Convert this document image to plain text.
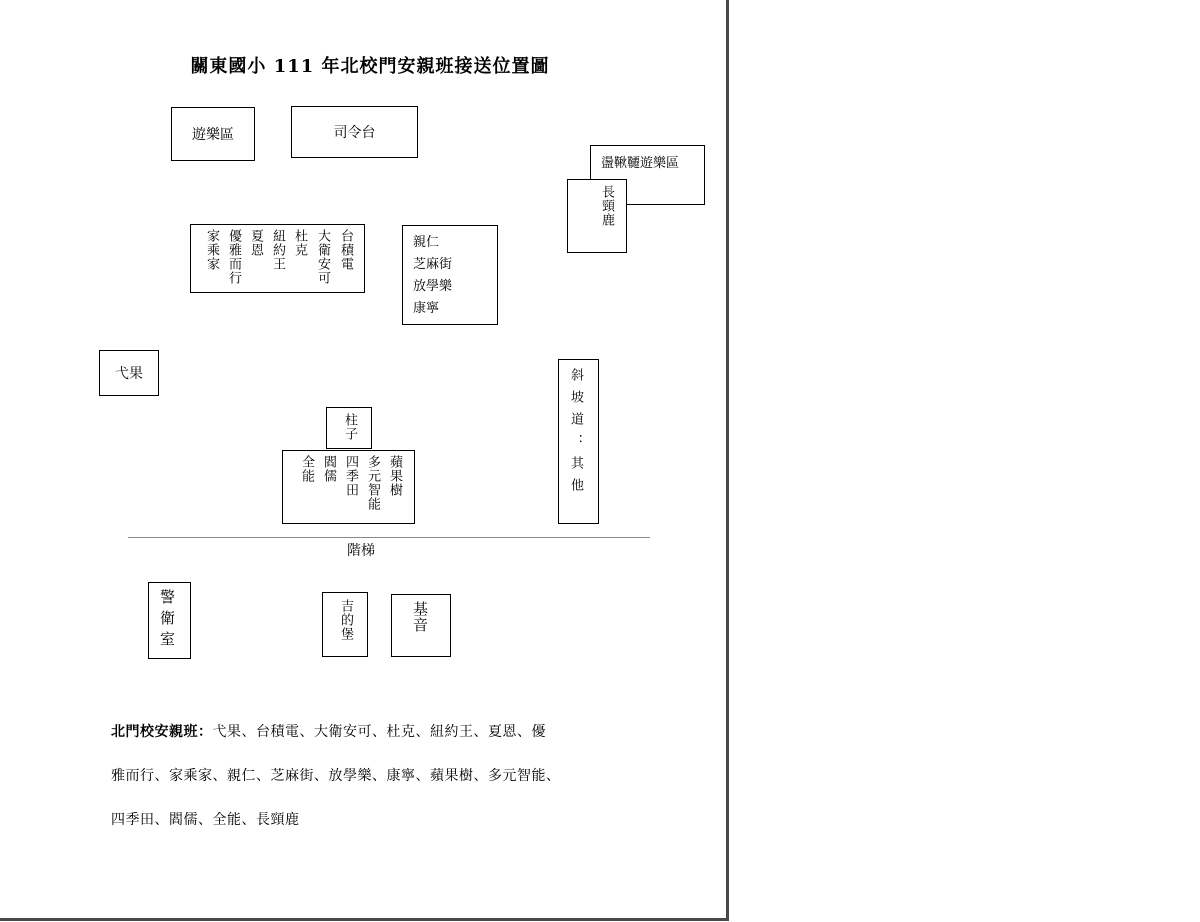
關東國小 111 年北校門安親班接送位置圖
遊樂區	司令台
盪鞦韆遊樂區
長頸鹿
台積電
大衛安可
杜克
紐約王
夏恩
優雅而行
家乘家	親仁
芝麻街
放學樂
康寧
弋果	斜坡道：其他
柱子
蘋果樹
多元智能
四季田
閻儒
全能
階梯
警衛室	吉的堡	基音
北門校安親班：弋果、台積電、大衛安可、杜克、紐約王、夏恩、優
雅而行、家乘家、親仁、芝麻街、放學樂、康寧、蘋果樹、多元智能、
四季田、閻儒、全能、長頸鹿
